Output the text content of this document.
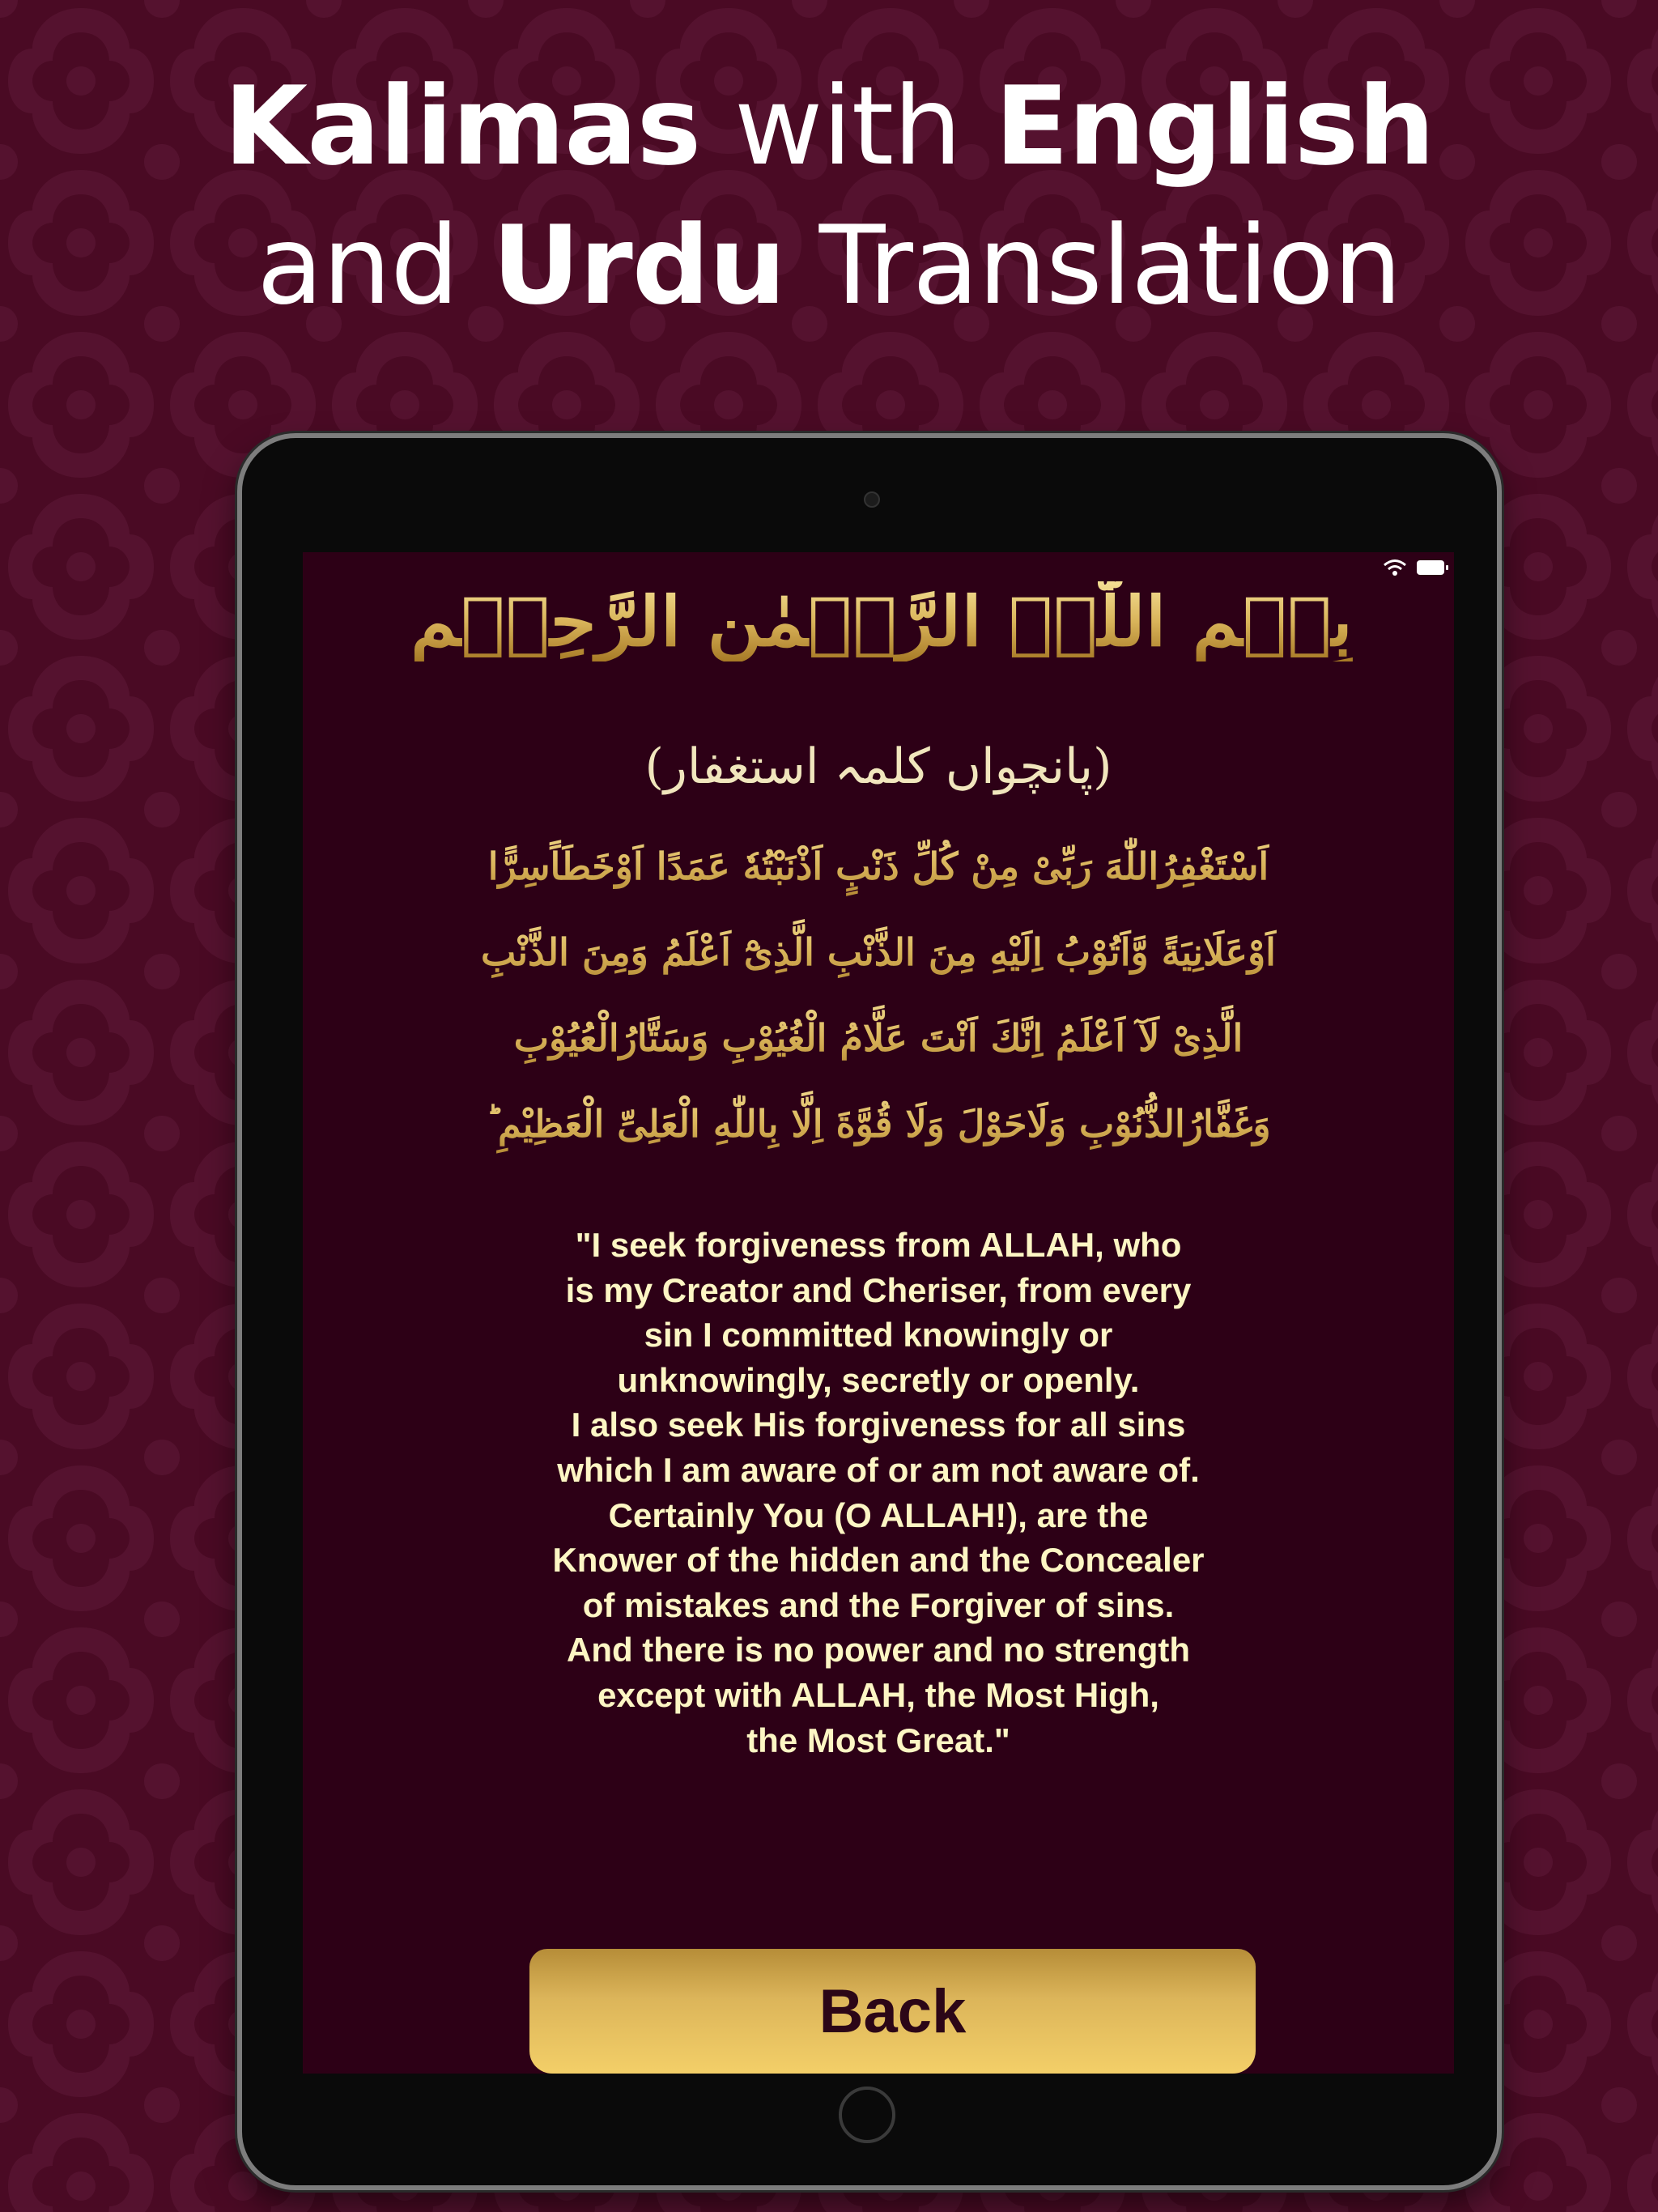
Kalimas with English
and Urdu Translation
بِسۡمِ اللّٰہِ الرَّحۡمٰنِ الرَّحِیۡمِ
(پانچواں کلمہ استغفار)
اَسْتَغْفِرُاللّٰهَ رَبِّیْ مِنْ كُلِّ ذَنْبٍ اَذْنَبْتُهٗ عَمَدًا اَوْخَطَاًسِرًّا
اَوْعَلَانِيَةً وَّاَتُوْبُ اِلَيْهِ مِنَ الذَّنْبِ الَّذِیْٓ اَعْلَمُ وَمِنَ الذَّنْبِ
الَّذِیْ لَآ اَعْلَمُ اِنَّكَ اَنْتَ عَلَّامُ الْغُيُوْبِ وَسَتَّارُالْعُيُوْبِ
وَغَفَّارُالذُّنُوْبِ وَلَاحَوْلَ وَلَا قُوَّةَ اِلَّا بِاللّٰهِ الْعَلِیِّ الْعَظِيْمِ ؕ

"I seek forgiveness from ALLAH, who
is my Creator and Cheriser, from every
sin I committed knowingly or
unknowingly, secretly or openly.
I also seek His forgiveness for all sins
which I am aware of or am not aware of.
Certainly You (O ALLAH!), are the
Knower of the hidden and the Concealer
of mistakes and the Forgiver of sins.
And there is no power and no strength
except with ALLAH, the Most High,
the Most Great."

Back
